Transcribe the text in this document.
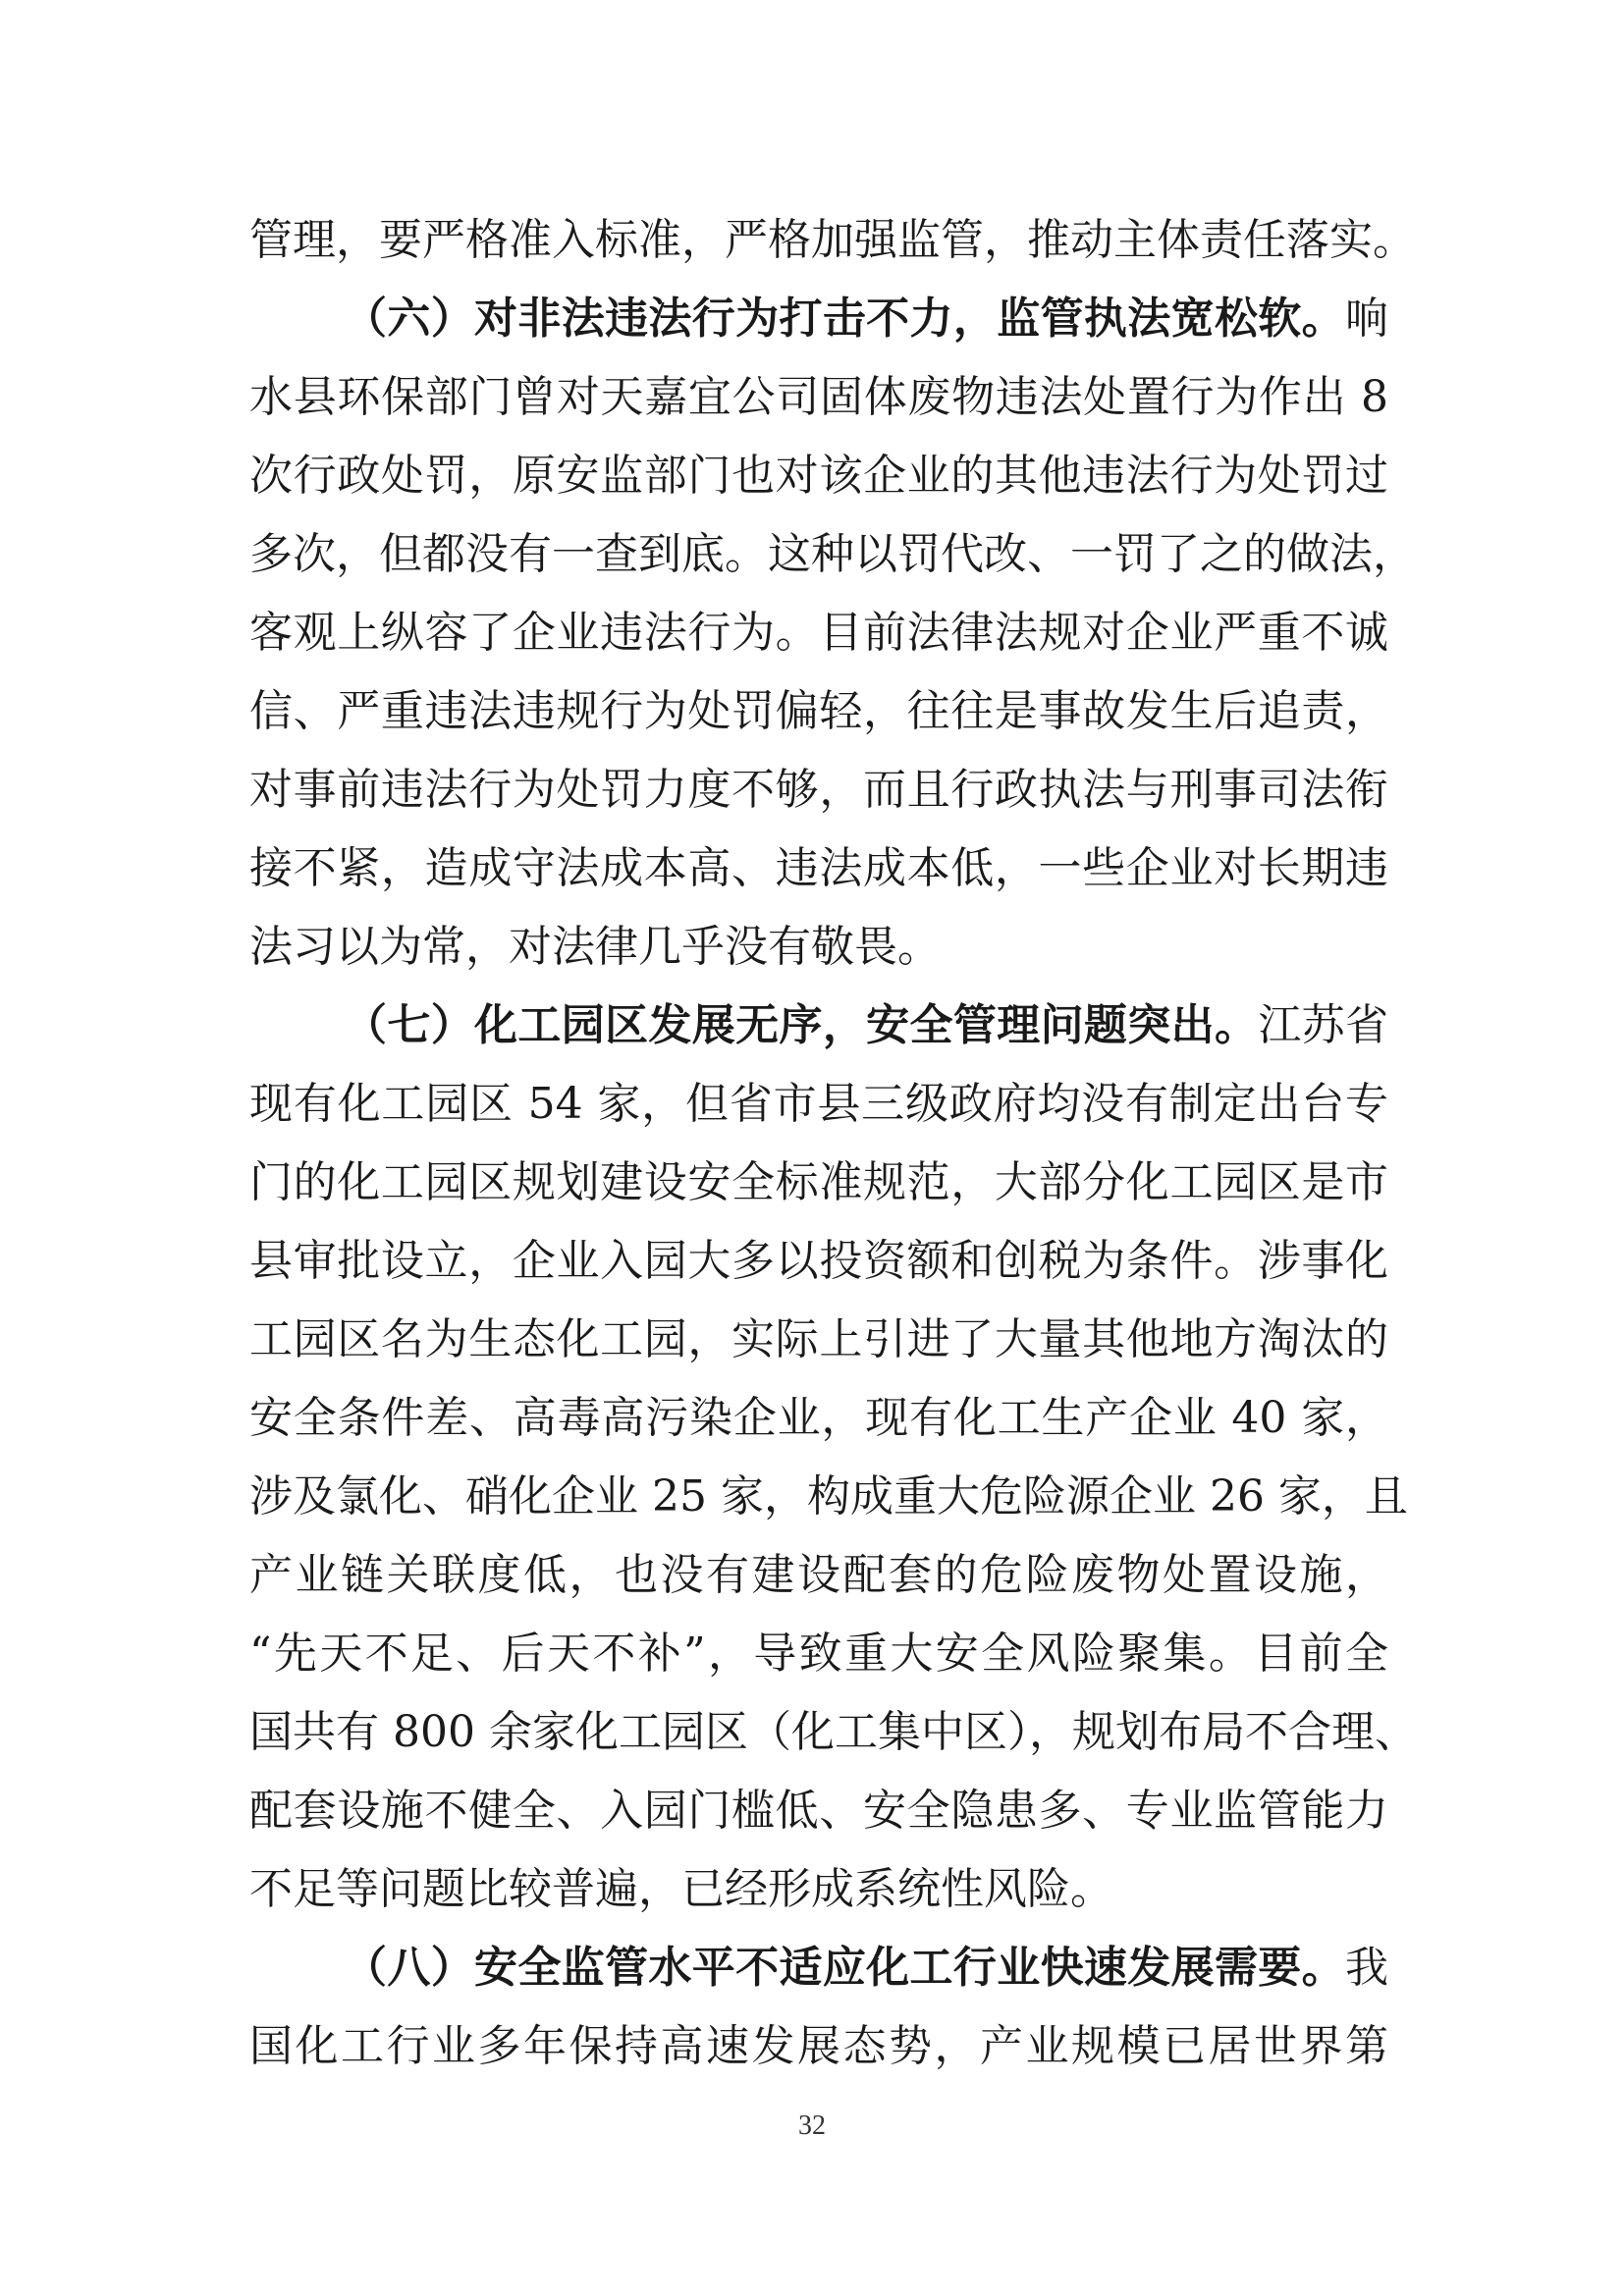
管理，要严格准入标准，严格加强监管，推动主体责任落实。
（六）对非法违法行为打击不力，监管执法宽松软。响
水县环保部门曾对天嘉宜公司固体废物违法处置行为作出 8
次行政处罚，原安监部门也对该企业的其他违法行为处罚过
多次，但都没有一查到底。这种以罚代改、一罚了之的做法，
客观上纵容了企业违法行为。目前法律法规对企业严重不诚
信、严重违法违规行为处罚偏轻，往往是事故发生后追责，
对事前违法行为处罚力度不够，而且行政执法与刑事司法衔
接不紧，造成守法成本高、违法成本低，一些企业对长期违
法习以为常，对法律几乎没有敬畏。
（七）化工园区发展无序，安全管理问题突出。江苏省
现有化工园区 54 家，但省市县三级政府均没有制定出台专
门的化工园区规划建设安全标准规范，大部分化工园区是市
县审批设立，企业入园大多以投资额和创税为条件。涉事化
工园区名为生态化工园，实际上引进了大量其他地方淘汰的
安全条件差、高毒高污染企业，现有化工生产企业 40 家，
涉及氯化、硝化企业 25 家，构成重大危险源企业 26 家，且
产业链关联度低，也没有建设配套的危险废物处置设施，
“先天不足、后天不补”，导致重大安全风险聚集。目前全
国共有 800 余家化工园区（化工集中区），规划布局不合理、
配套设施不健全、入园门槛低、安全隐患多、专业监管能力
不足等问题比较普遍，已经形成系统性风险。
（八）安全监管水平不适应化工行业快速发展需要。我
国化工行业多年保持高速发展态势，产业规模已居世界第
32
